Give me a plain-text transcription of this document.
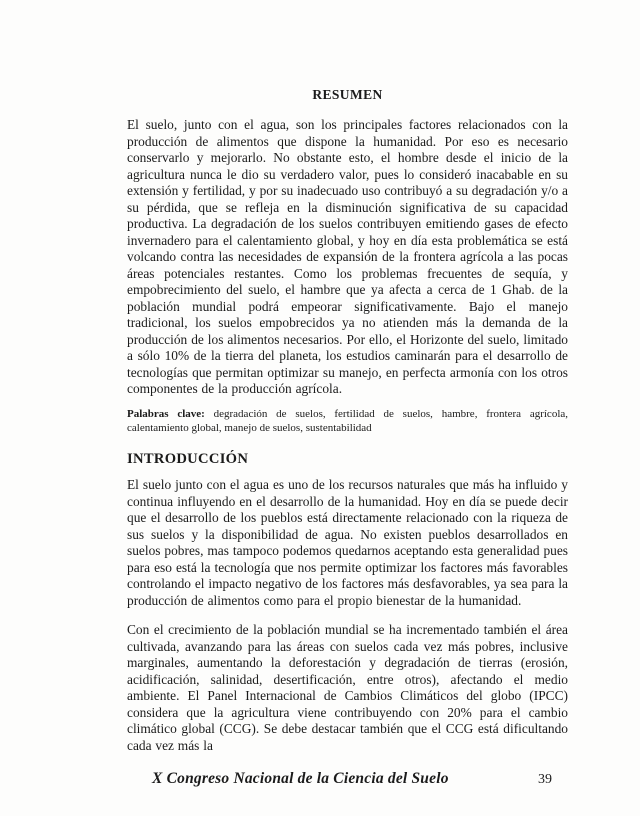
RESUMEN

El suelo, junto con el agua, son los principales factores relacionados con la producción de alimentos que dispone la humanidad. Por eso es necesario conservarlo y mejorarlo. No obstante esto, el hombre desde el inicio de la agricultura nunca le dio su verdadero valor, pues lo consideró inacabable en su extensión y fertilidad, y por su inadecuado uso contribuyó a su degradación y/o a su pérdida, que se refleja en la disminución significativa de su capacidad productiva. La degradación de los suelos contribuyen emitiendo gases de efecto invernadero para el calentamiento global, y hoy en día esta problemática se está volcando contra las necesidades de expansión de la frontera agrícola a las pocas áreas potenciales restantes. Como los problemas frecuentes de sequía, y empobrecimiento del suelo, el hambre que ya afecta a cerca de 1 Ghab. de la población mundial podrá empeorar significativamente. Bajo el manejo tradicional, los suelos empobrecidos ya no atienden más la demanda de la producción de los alimentos necesarios. Por ello, el Horizonte del suelo, limitado a sólo 10% de la tierra del planeta, los estudios caminarán para el desarrollo de tecnologías que permitan optimizar su manejo, en perfecta armonía con los otros componentes de la producción agrícola.

Palabras clave: degradación de suelos, fertilidad de suelos, hambre, frontera agrícola, calentamiento global, manejo de suelos, sustentabilidad

INTRODUCCIÓN

El suelo junto con el agua es uno de los recursos naturales que más ha influido y continua influyendo en el desarrollo de la humanidad. Hoy en día se puede decir que el desarrollo de los pueblos está directamente relacionado con la riqueza de sus suelos y la disponibilidad de agua. No existen pueblos desarrollados en suelos pobres, mas tampoco podemos quedarnos aceptando esta generalidad pues para eso está la tecnología que nos permite optimizar los factores más favorables controlando el impacto negativo de los factores más desfavorables, ya sea para la producción de alimentos como para el propio bienestar de la humanidad.

Con el crecimiento de la población mundial se ha incrementado también el área cultivada, avanzando para las áreas con suelos cada vez más pobres, inclusive marginales, aumentando la deforestación y degradación de tierras (erosión, acidificación, salinidad, desertificación, entre otros), afectando el medio ambiente. El Panel Internacional de Cambios Climáticos del globo (IPCC) considera que la agricultura viene contribuyendo con 20% para el cambio climático global (CCG). Se debe destacar también que el CCG está dificultando cada vez más la

X Congreso Nacional de la Ciencia del Suelo	39
